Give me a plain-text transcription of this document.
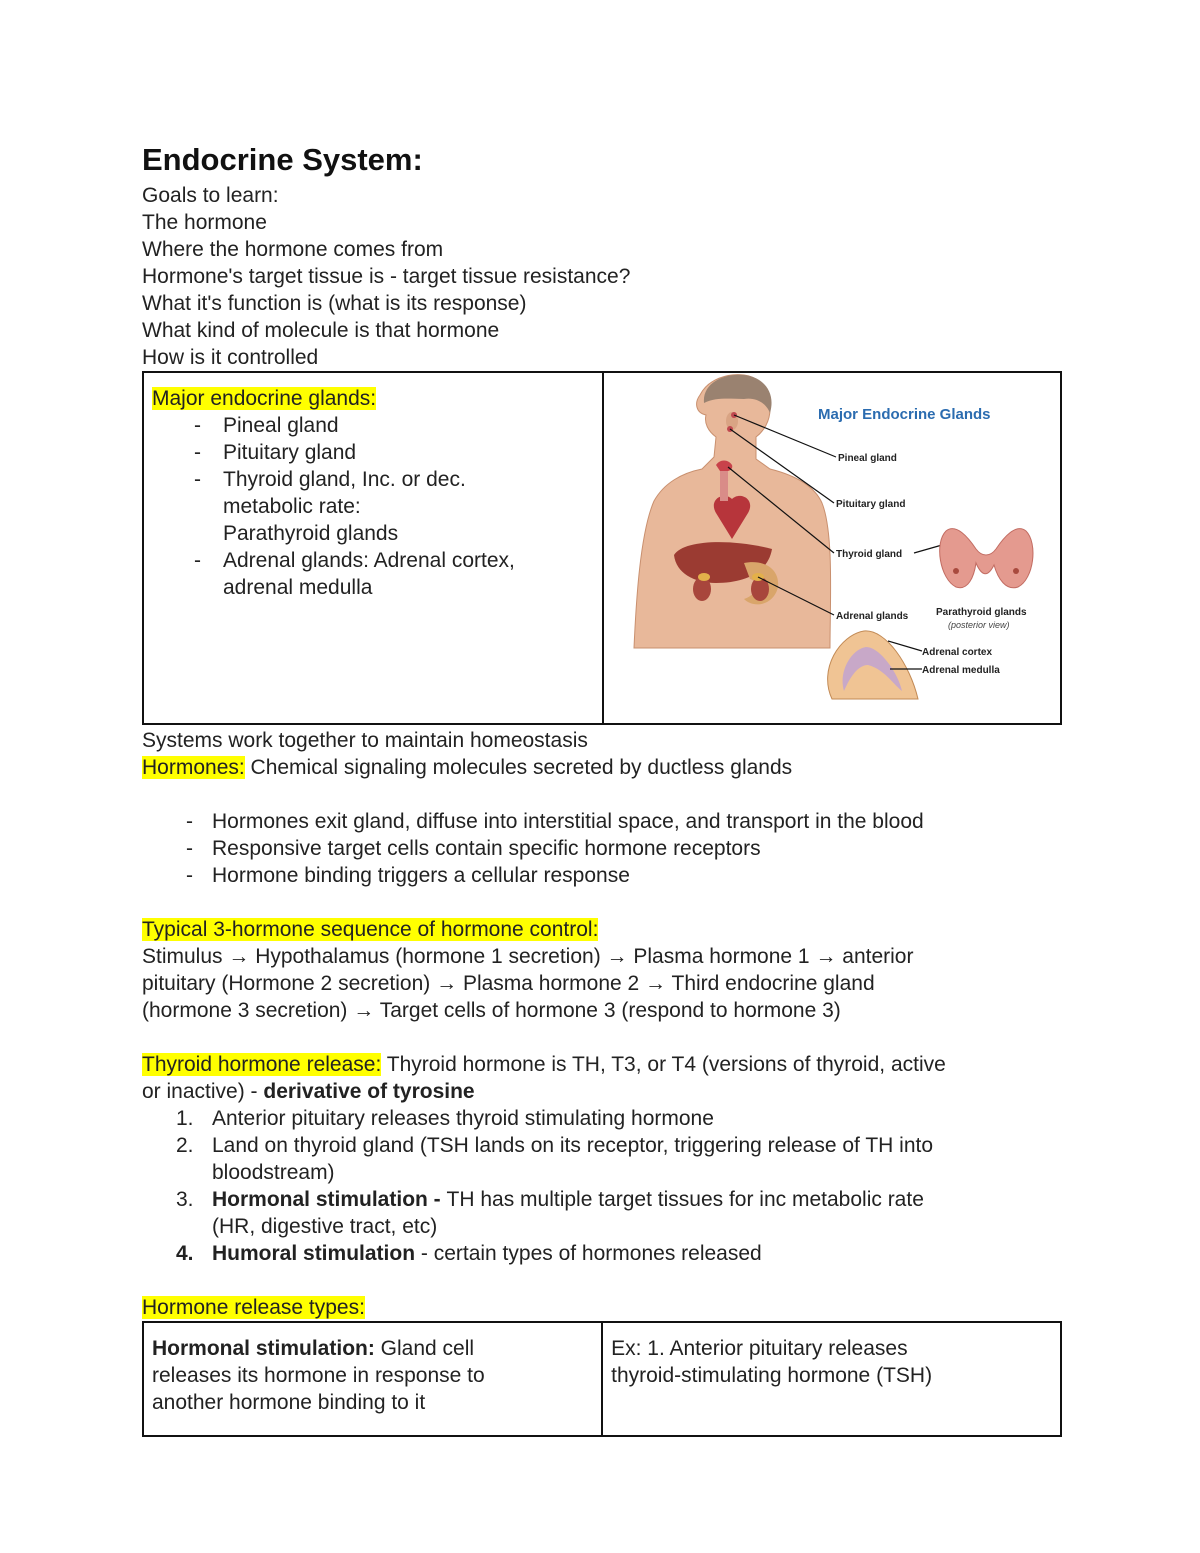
Endocrine System:

Goals to learn:

The hormone

Where the hormone comes from

Hormone's target tissue is - target tissue resistance?

What it's function is (what is its response)

What kind of molecule is that hormone

How is it controlled

Major endocrine glands:

- Pineal gland
- Pituitary gland
- Thyroid gland, Inc. or dec.
metabolic rate:
Parathyroid glands
- Adrenal glands: Adrenal cortex,
adrenal medulla

Major Endocrine Glands
Pineal gland
Pituitary gland
Thyroid gland
Adrenal glands	Parathyroid glands
(posterior view)
Adrenal cortex
Adrenal medulla

Systems work together to maintain homeostasis

Hormones: Chemical signaling molecules secreted by ductless glands

- Hormones exit gland, diffuse into interstitial space, and transport in the blood
- Responsive target cells contain specific hormone receptors
- Hormone binding triggers a cellular response

Typical 3-hormone sequence of hormone control:

Stimulus → Hypothalamus (hormone 1 secretion) → Plasma hormone 1 → anterior

pituitary (Hormone 2 secretion) → Plasma hormone 2 → Third endocrine gland

(hormone 3 secretion) → Target cells of hormone 3 (respond to hormone 3)

Thyroid hormone release: Thyroid hormone is TH, T3, or T4 (versions of thyroid, active

or inactive) - derivative of tyrosine

1. Anterior pituitary releases thyroid stimulating hormone
2. Land on thyroid gland (TSH lands on its receptor, triggering release of TH into
bloodstream)
3. Hormonal stimulation - TH has multiple target tissues for inc metabolic rate
(HR, digestive tract, etc)
4. Humoral stimulation - certain types of hormones released

Hormone release types:

Hormonal stimulation: Gland cell
releases its hormone in response to
another hormone binding to it	Ex: 1. Anterior pituitary releases
thyroid-stimulating hormone (TSH)
